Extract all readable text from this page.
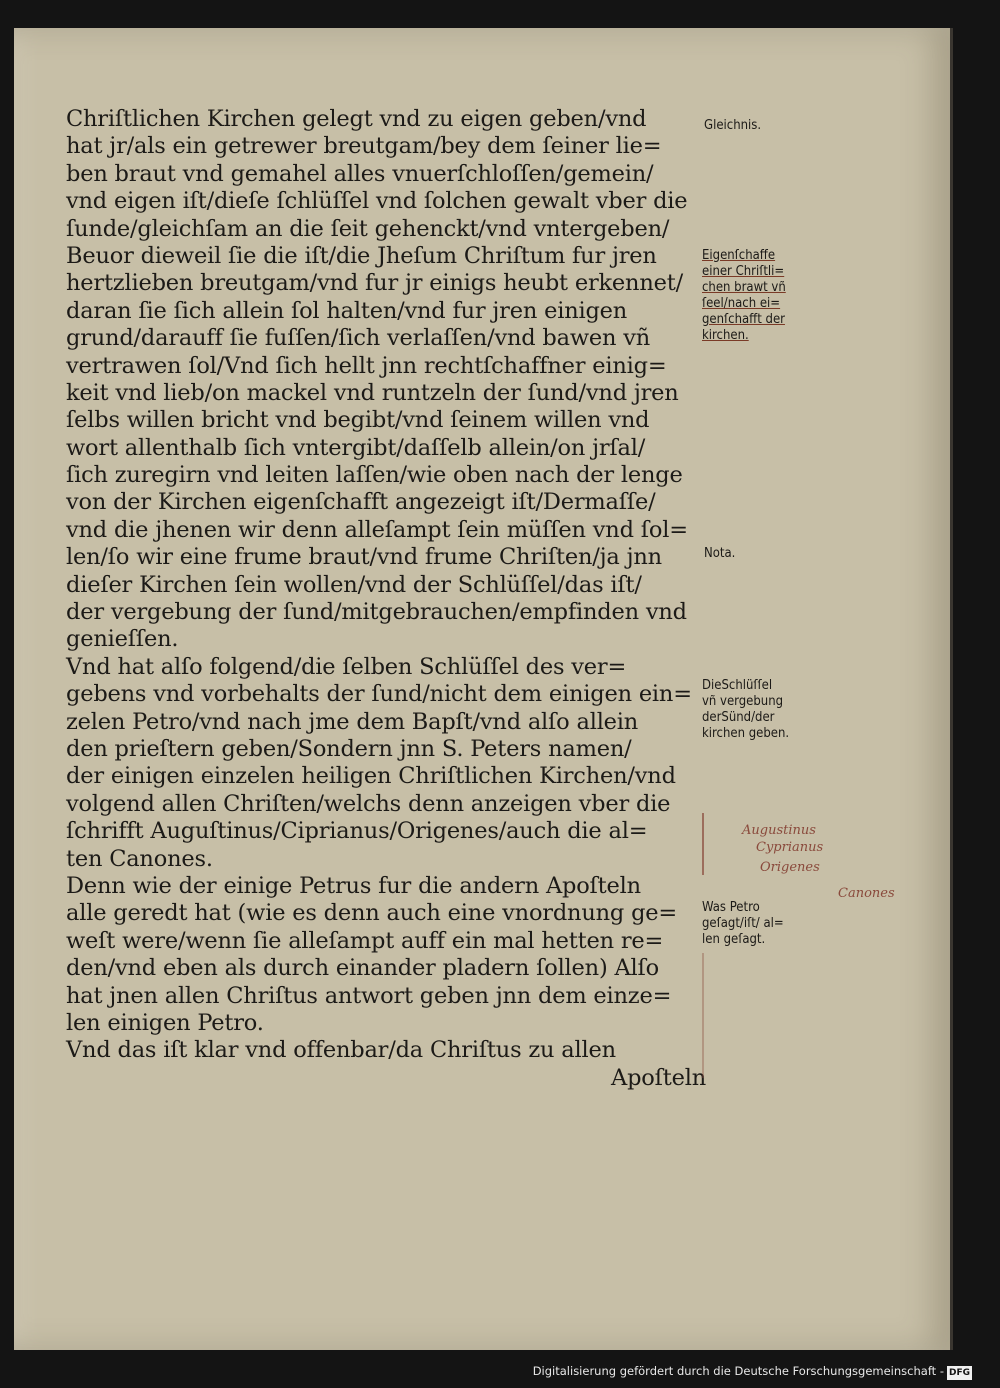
Chriſtlichen Kirchen gelegt vnd zu eigen geben/vnd
hat jr/als ein getrewer breutgam/bey dem ſeiner lie=
ben braut vnd gemahel alles vnuerſchloſſen/gemein/
vnd eigen iſt/dieſe ſchlüſſel vnd ſolchen gewalt vber die
ſunde/gleichſam an die ſeit gehenckt/vnd vntergeben/
Beuor dieweil ſie die iſt/die Jheſum Chriſtum fur jren
hertzlieben breutgam/vnd fur jr einigs heubt erkennet/
daran ſie ſich allein ſol halten/vnd fur jren einigen
grund/darauff ſie fuſſen/ſich verlaſſen/vnd bawen vñ
vertrawen ſol/Vnd ſich hellt jnn rechtſchaffner einig=
keit vnd lieb/on mackel vnd runtzeln der ſund/vnd jren
ſelbs willen bricht vnd begibt/vnd ſeinem willen vnd
wort allenthalb ſich vntergibt/daſſelb allein/on jrſal/
ſich zuregirn vnd leiten laſſen/wie oben nach der lenge
von der Kirchen eigenſchafft angezeigt iſt/Dermaſſe/
vnd die jhenen wir denn alleſampt ſein müſſen vnd ſol=
len/ſo wir eine frume braut/vnd frume Chriſten/ja jnn
dieſer Kirchen ſein wollen/vnd der Schlüſſel/das iſt/
der vergebung der ſund/mitgebrauchen/empfinden vnd
genieſſen.
Vnd hat alſo folgend/die ſelben Schlüſſel des ver=
gebens vnd vorbehalts der ſund/nicht dem einigen ein=
zelen Petro/vnd nach jme dem Bapſt/vnd alſo allein
den prieſtern geben/Sondern jnn S. Peters namen/
der einigen einzelen heiligen Chriſtlichen Kirchen/vnd
volgend allen Chriſten/welchs denn anzeigen vber die
ſchrifft Auguſtinus/Ciprianus/Origenes/auch die al=
ten Canones.
Denn wie der einige Petrus fur die andern Apoſteln
alle geredt hat (wie es denn auch eine vnordnung ge=
weſt were/wenn ſie alleſampt auff ein mal hetten re=
den/vnd eben als durch einander pladern ſollen) Alſo
hat jnen allen Chriſtus antwort geben jnn dem einze=
len einigen Petro.
Vnd das iſt klar vnd offenbar/da Chriſtus zu allen
Apoſteln
Gleichnis.
Eigenſchaffe
einer Chriſtli=
chen brawt vñ
ſeel/nach ei=
genſchafft der
kirchen.
Nota.
DieSchlüſſel
vñ vergebung
derSünd/der
kirchen geben.
Augustinus
Cyprianus
Origenes
Canones
Was Petro
geſagt/iſt/ al=
len geſagt.
Digitalisierung gefördert durch die Deutsche Forschungsgemeinschaft - DFG
